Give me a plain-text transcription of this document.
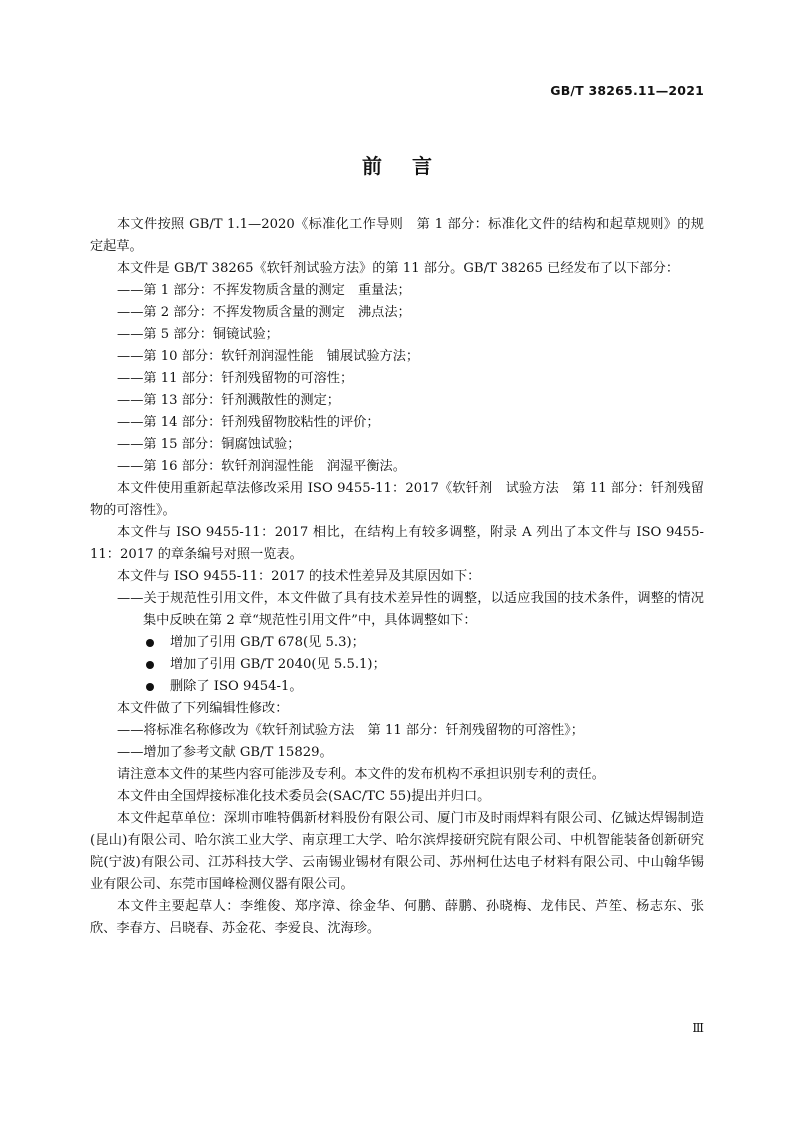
GB/T 38265.11—2021
前言

本文件按照 GB/T 1.1—2020《标准化工作导则　第 1 部分：标准化文件的结构和起草规则》的规定起草。

本文件是 GB/T 38265《软钎剂试验方法》的第 11 部分。GB/T 38265 已经发布了以下部分：

——第 1 部分：不挥发物质含量的测定　重量法；

——第 2 部分：不挥发物质含量的测定　沸点法；

——第 5 部分：铜镜试验；

——第 10 部分：软钎剂润湿性能　铺展试验方法；

——第 11 部分：钎剂残留物的可溶性；

——第 13 部分：钎剂溅散性的测定；

——第 14 部分：钎剂残留物胶粘性的评价；

——第 15 部分：铜腐蚀试验；

——第 16 部分：软钎剂润湿性能　润湿平衡法。

本文件使用重新起草法修改采用 ISO 9455-11：2017《软钎剂　试验方法　第 11 部分：钎剂残留物的可溶性》。

本文件与 ISO 9455-11：2017 相比，在结构上有较多调整，附录 A 列出了本文件与 ISO 9455-11：2017 的章条编号对照一览表。

本文件与 ISO 9455-11：2017 的技术性差异及其原因如下：

——关于规范性引用文件，本文件做了具有技术差异性的调整，以适应我国的技术条件，调整的情况集中反映在第 2 章“规范性引用文件”中，具体调整如下：

增加了引用 GB/T 678(见 5.3)；
增加了引用 GB/T 2040(见 5.5.1)；
删除了 ISO 9454-1。

本文件做了下列编辑性修改：

——将标准名称修改为《软钎剂试验方法　第 11 部分：钎剂残留物的可溶性》；

——增加了参考文献 GB/T 15829。

请注意本文件的某些内容可能涉及专利。本文件的发布机构不承担识别专利的责任。

本文件由全国焊接标准化技术委员会(SAC/TC 55)提出并归口。

本文件起草单位：深圳市唯特偶新材料股份有限公司、厦门市及时雨焊料有限公司、亿铖达焊锡制造(昆山)有限公司、哈尔滨工业大学、南京理工大学、哈尔滨焊接研究院有限公司、中机智能装备创新研究院(宁波)有限公司、江苏科技大学、云南锡业锡材有限公司、苏州柯仕达电子材料有限公司、中山翰华锡业有限公司、东莞市国峰检测仪器有限公司。

本文件主要起草人：李维俊、郑序漳、徐金华、何鹏、薛鹏、孙晓梅、龙伟民、芦笙、杨志东、张欣、李春方、吕晓春、苏金花、李爱良、沈海珍。

Ⅲ
